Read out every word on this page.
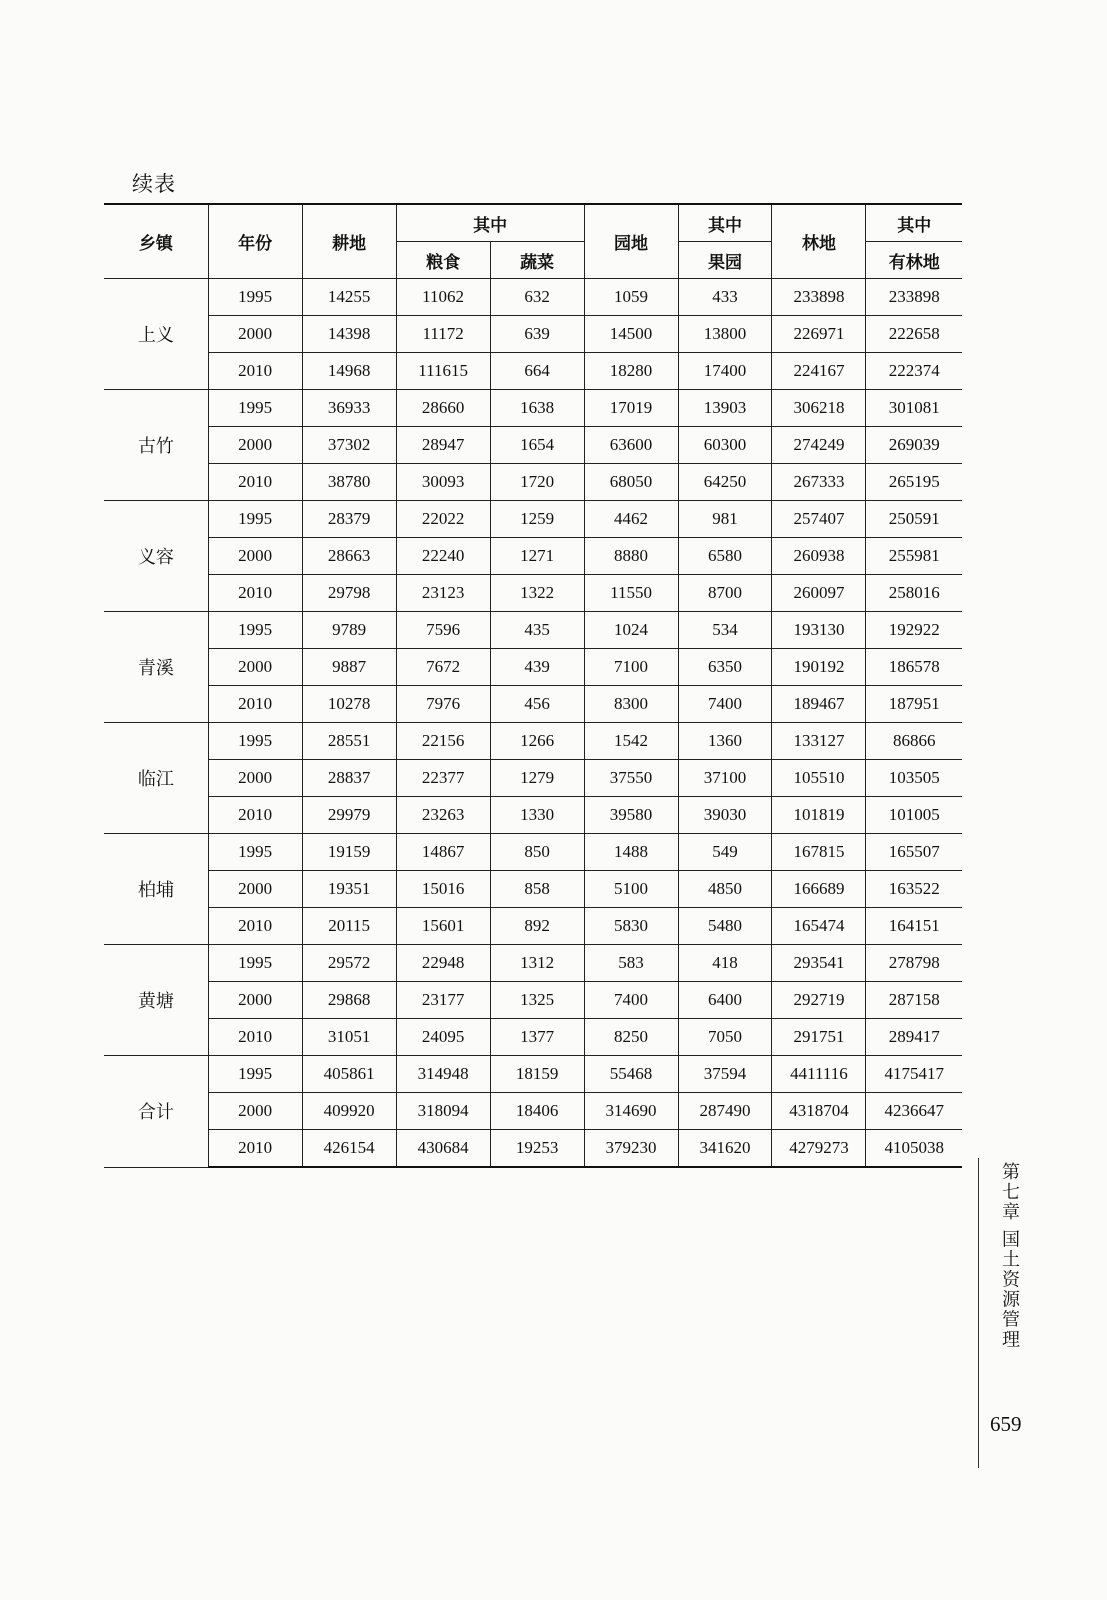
续表
乡镇	年份	耕地	其中		园地	其中	林地	其中
			粮食	蔬菜		果园		有林地
上义	1995	14255	11062	632	1059	433	233898	233898
	2000	14398	11172	639	14500	13800	226971	222658
	2010	14968	111615	664	18280	17400	224167	222374
古竹	1995	36933	28660	1638	17019	13903	306218	301081
	2000	37302	28947	1654	63600	60300	274249	269039
	2010	38780	30093	1720	68050	64250	267333	265195
义容	1995	28379	22022	1259	4462	981	257407	250591
	2000	28663	22240	1271	8880	6580	260938	255981
	2010	29798	23123	1322	11550	8700	260097	258016
青溪	1995	9789	7596	435	1024	534	193130	192922
	2000	9887	7672	439	7100	6350	190192	186578
	2010	10278	7976	456	8300	7400	189467	187951
临江	1995	28551	22156	1266	1542	1360	133127	86866
	2000	28837	22377	1279	37550	37100	105510	103505
	2010	29979	23263	1330	39580	39030	101819	101005
柏埔	1995	19159	14867	850	1488	549	167815	165507
	2000	19351	15016	858	5100	4850	166689	163522
	2010	20115	15601	892	5830	5480	165474	164151
黄塘	1995	29572	22948	1312	583	418	293541	278798
	2000	29868	23177	1325	7400	6400	292719	287158
	2010	31051	24095	1377	8250	7050	291751	289417
合计	1995	405861	314948	18159	55468	37594	4411116	4175417
	2000	409920	318094	18406	314690	287490	4318704	4236647
	2010	426154	430684	19253	379230	341620	4279273	4105038
第七章 国土资源管理
659
